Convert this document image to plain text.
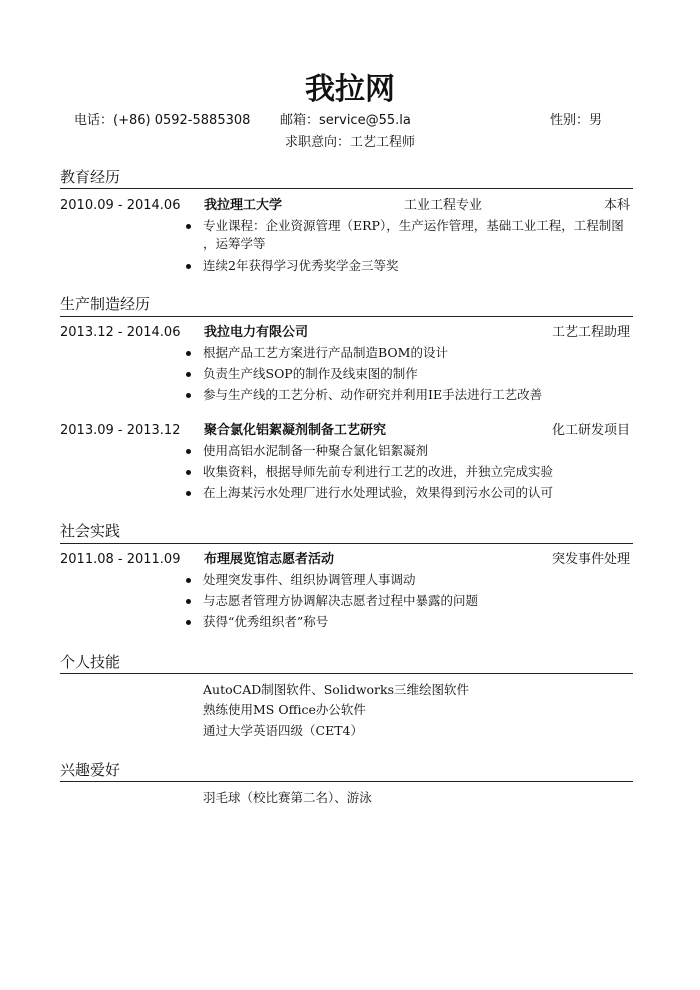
我拉网
电话：(+86) 0592-5885308 邮箱：service@55.la	性别：男
求职意向：工艺工程师
教育经历
2010.09 - 2014.06 我拉理工大学	工业工程专业	本科
专业课程：企业资源管理（ERP），生产运作管理，基础工业工程，工程制图
，运筹学等
连续2年获得学习优秀奖学金三等奖
生产制造经历
2013.12 - 2014.06 我拉电力有限公司	工艺工程助理
根据产品工艺方案进行产品制造BOM的设计
负责生产线SOP的制作及线束图的制作
参与生产线的工艺分析、动作研究并利用IE手法进行工艺改善
2013.09 - 2013.12 聚合氯化铝絮凝剂制备工艺研究	化工研发项目
使用高铝水泥制备一种聚合氯化铝絮凝剂
收集资料，根据导师先前专利进行工艺的改进，并独立完成实验
在上海某污水处理厂进行水处理试验，效果得到污水公司的认可
社会实践
2011.08 - 2011.09 布理展览馆志愿者活动	突发事件处理
处理突发事件、组织协调管理人事调动
与志愿者管理方协调解决志愿者过程中暴露的问题
获得“优秀组织者”称号
个人技能
AutoCAD制图软件、Solidworks三维绘图软件
熟练使用MS Office办公软件
通过大学英语四级（CET4）
兴趣爱好
羽毛球（校比赛第二名）、游泳
